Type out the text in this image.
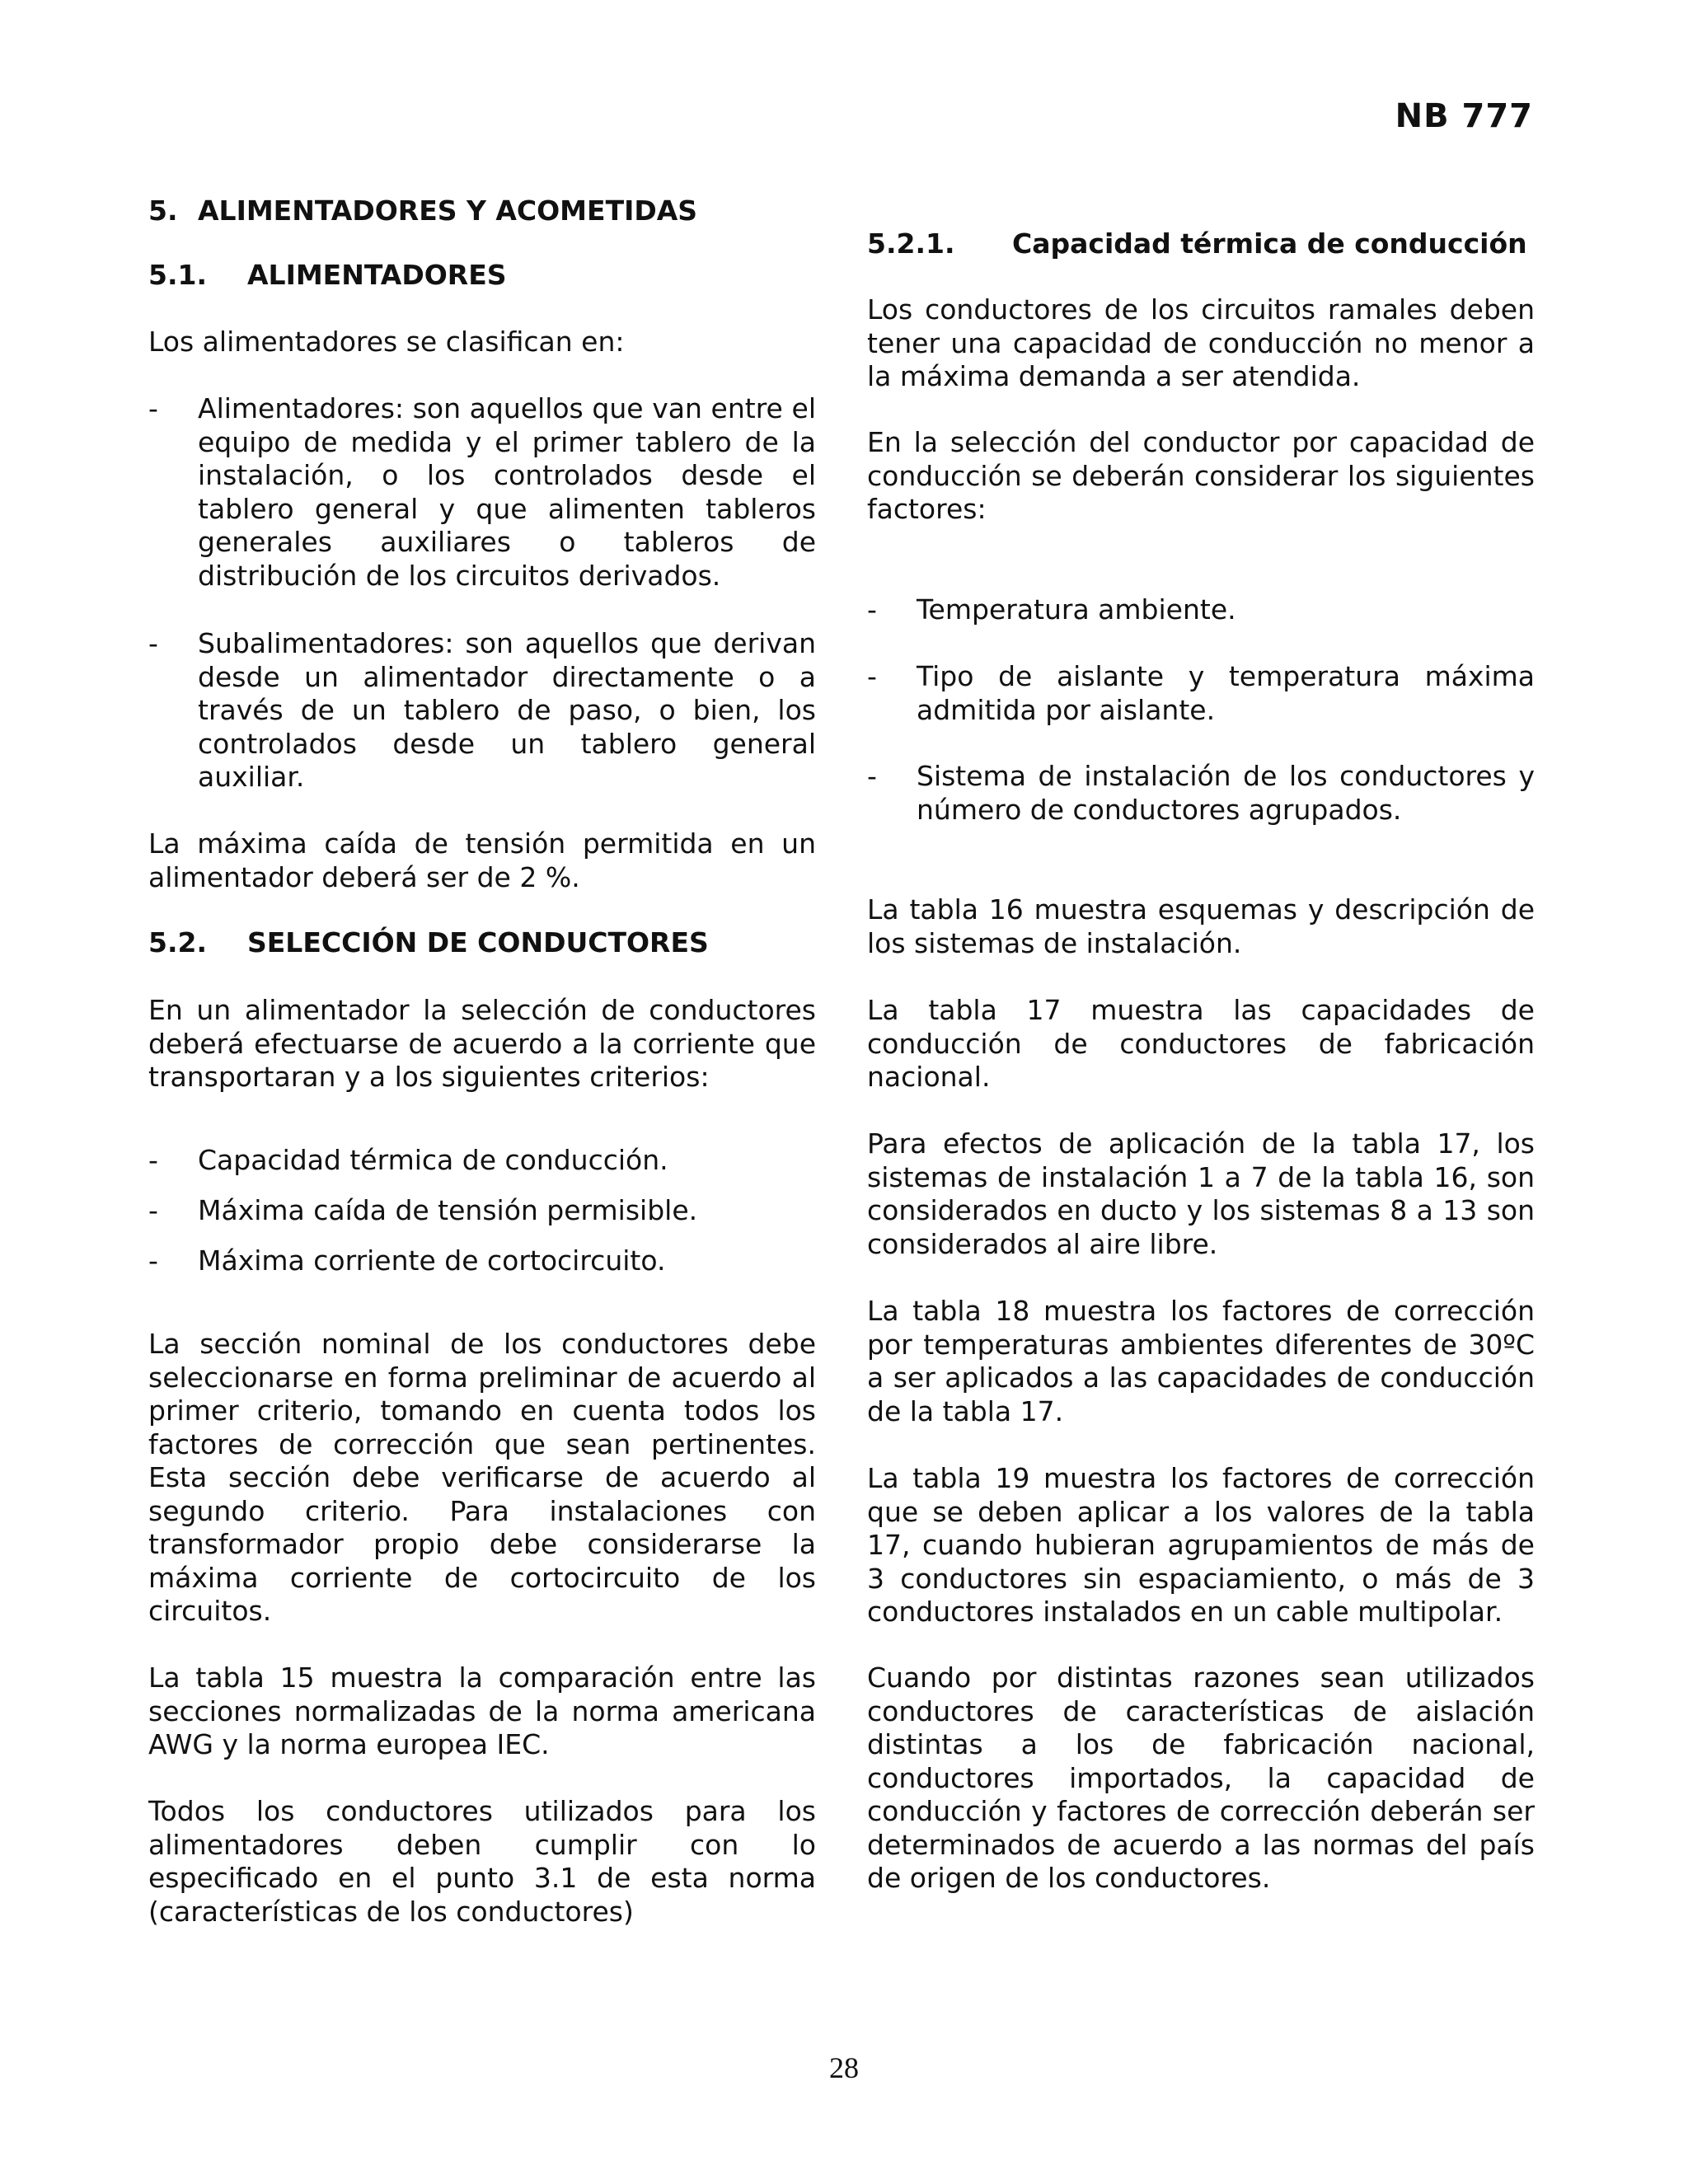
NB 777
5. ALIMENTADORES Y ACOMETIDAS
5.1. ALIMENTADORES

Los alimentadores se clasifican en:

- Alimentadores: son aquellos que van entre el equipo de medida y el primer tablero de la instalación, o los controlados desde el tablero general y que alimenten tableros generales auxiliares o tableros de distribución de los circuitos derivados.
- Subalimentadores: son aquellos que derivan desde un alimentador directamente o a través de un tablero de paso, o bien, los controlados desde un tablero general auxiliar.

La máxima caída de tensión permitida en un alimentador deberá ser de 2 %.

5.2. SELECCIÓN DE CONDUCTORES

En un alimentador la selección de conductores deberá efectuarse de acuerdo a la corriente que transportaran y a los siguientes criterios:

- Capacidad térmica de conducción.
- Máxima caída de tensión permisible.
- Máxima corriente de cortocircuito.

La sección nominal de los conductores debe seleccionarse en forma preliminar de acuerdo al primer criterio, tomando en cuenta todos los factores de corrección que sean pertinentes. Esta sección debe verificarse de acuerdo al segundo criterio. Para instalaciones con transformador propio debe considerarse la máxima corriente de cortocircuito de los circuitos.

La tabla 15 muestra la comparación entre las secciones normalizadas de la norma americana AWG y la norma europea IEC.

Todos los conductores utilizados para los alimentadores deben cumplir con lo especificado en el punto 3.1 de esta norma (características de los conductores)

5.2.1. Capacidad térmica de conducción

Los conductores de los circuitos ramales deben tener una capacidad de conducción no menor a la máxima demanda a ser atendida.

En la selección del conductor por capacidad de conducción se deberán considerar los siguientes factores:

- Temperatura ambiente.
- Tipo de aislante y temperatura máxima admitida por aislante.
- Sistema de instalación de los conductores y número de conductores agrupados.

La tabla 16 muestra esquemas y descripción de los sistemas de instalación.

La tabla 17 muestra las capacidades de conducción de conductores de fabricación nacional.

Para efectos de aplicación de la tabla 17, los sistemas de instalación 1 a 7 de la tabla 16, son considerados en ducto y los sistemas 8 a 13 son considerados al aire libre.

La tabla 18 muestra los factores de corrección por temperaturas ambientes diferentes de 30ºC a ser aplicados a las capacidades de conducción de la tabla 17.

La tabla 19 muestra los factores de corrección que se deben aplicar a los valores de la tabla 17, cuando hubieran agrupamientos de más de 3 conductores sin espaciamiento, o más de 3 conductores instalados en un cable multipolar.

Cuando por distintas razones sean utilizados conductores de características de aislación distintas a los de fabricación nacional, conductores importados, la capacidad de conducción y factores de corrección deberán ser determinados de acuerdo a las normas del país de origen de los conductores.

28
